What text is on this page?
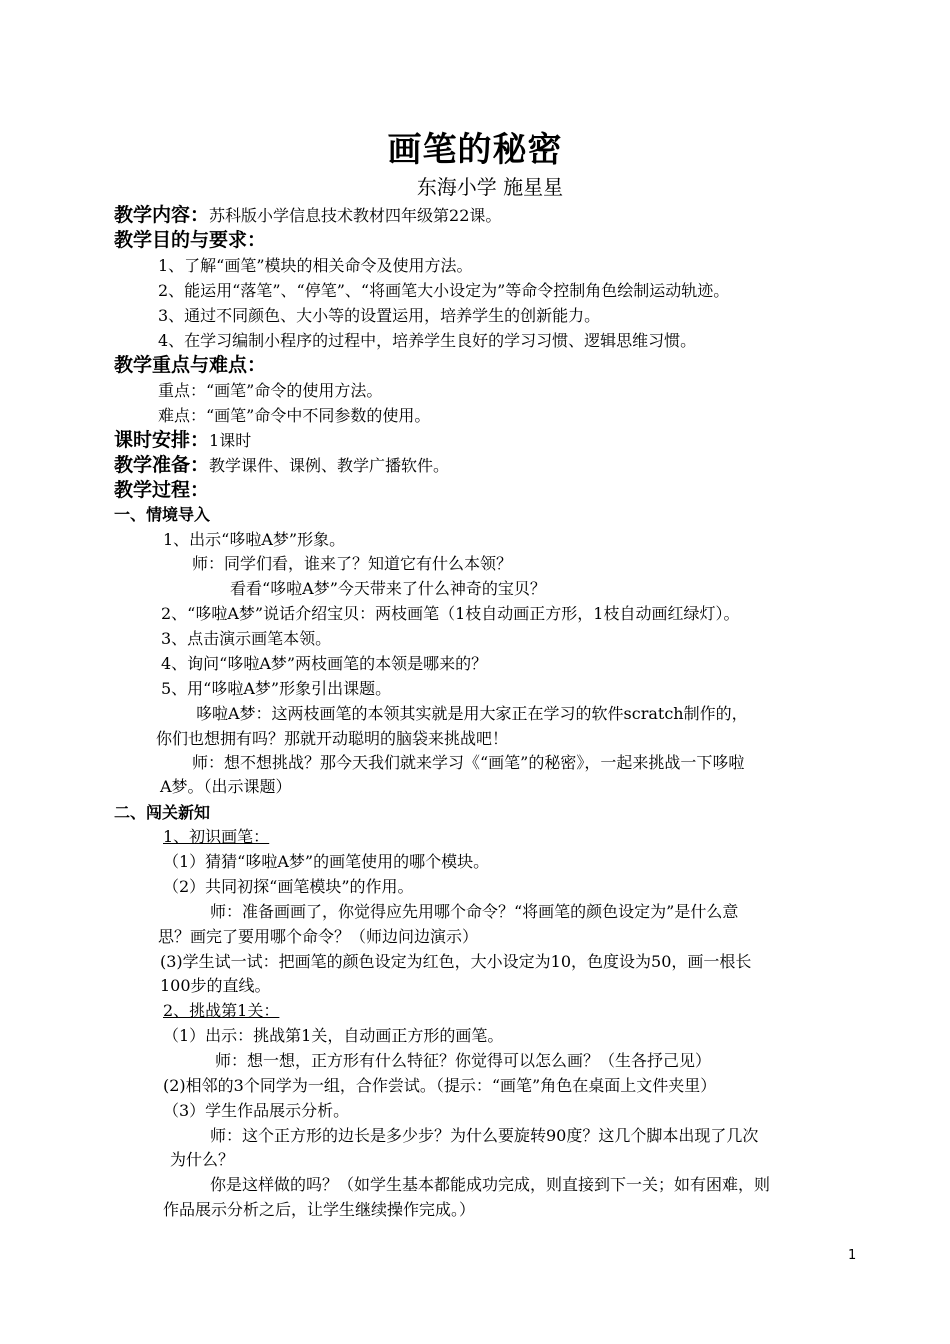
画笔的秘密
东海小学 施星星
教学内容：苏科版小学信息技术教材四年级第22课。
教学目的与要求：
1、了解“画笔”模块的相关命令及使用方法。
2、能运用“落笔”、“停笔”、“将画笔大小设定为”等命令控制角色绘制运动轨迹。
3、通过不同颜色、大小等的设置运用，培养学生的创新能力。
4、在学习编制小程序的过程中，培养学生良好的学习习惯、逻辑思维习惯。
教学重点与难点：
重点：“画笔”命令的使用方法。
难点：“画笔”命令中不同参数的使用。
课时安排：1课时
教学准备：教学课件、课例、教学广播软件。
教学过程：
一、情境导入
1、出示“哆啦A梦”形象。
师：同学们看，谁来了？知道它有什么本领？
看看“哆啦A梦”今天带来了什么神奇的宝贝？
2、“哆啦A梦”说话介绍宝贝：两枝画笔（1枝自动画正方形，1枝自动画红绿灯）。
3、点击演示画笔本领。
4、询问“哆啦A梦”两枝画笔的本领是哪来的？
5、用“哆啦A梦”形象引出课题。
哆啦A梦：这两枝画笔的本领其实就是用大家正在学习的软件scratch制作的，
你们也想拥有吗？那就开动聪明的脑袋来挑战吧！
师：想不想挑战？那今天我们就来学习《“画笔”的秘密》，一起来挑战一下哆啦
A梦。（出示课题）
二、闯关新知
1、初识画笔：
（1）猜猜“哆啦A梦”的画笔使用的哪个模块。
（2）共同初探“画笔模块”的作用。
师：准备画画了，你觉得应先用哪个命令？“将画笔的颜色设定为”是什么意
思？画完了要用哪个命令？（师边问边演示）
(3)学生试一试：把画笔的颜色设定为红色，大小设定为10，色度设为50，画一根长
100步的直线。
2、挑战第1关：
（1）出示：挑战第1关，自动画正方形的画笔。
师：想一想，正方形有什么特征？你觉得可以怎么画？（生各抒己见）
(2)相邻的3个同学为一组，合作尝试。（提示：“画笔”角色在桌面上文件夹里）
（3）学生作品展示分析。
师：这个正方形的边长是多少步？为什么要旋转90度？这几个脚本出现了几次
为什么？
你是这样做的吗？（如学生基本都能成功完成，则直接到下一关；如有困难，则
作品展示分析之后，让学生继续操作完成。）
1
